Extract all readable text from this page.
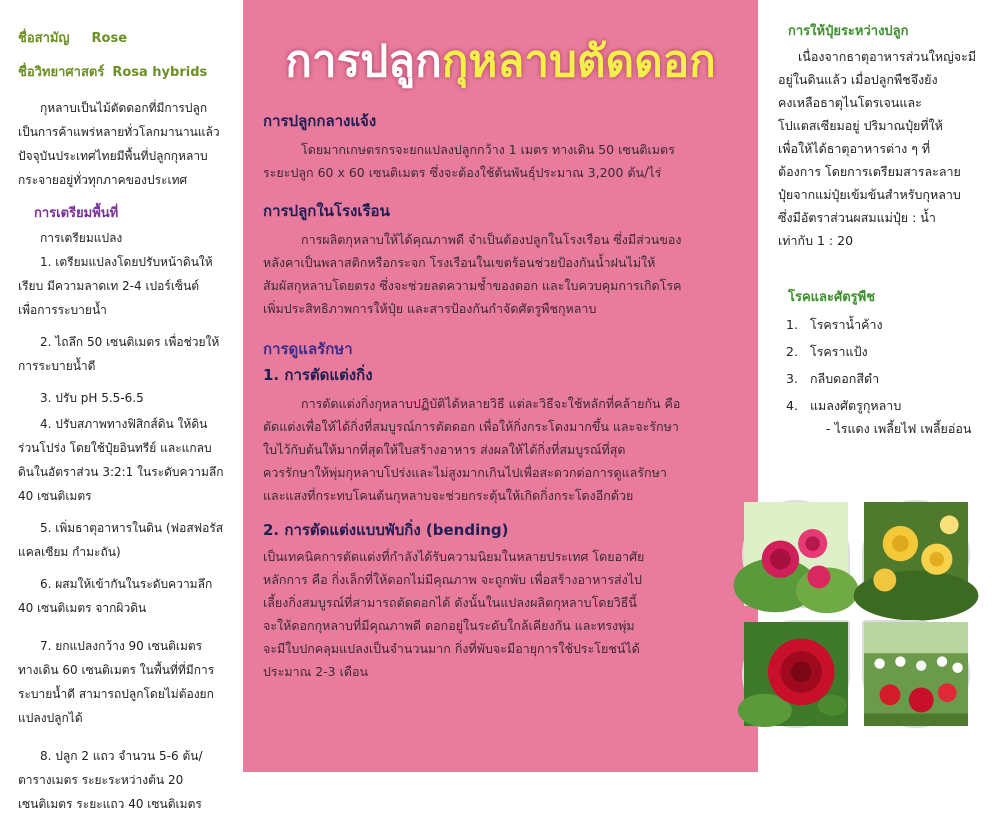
ชื่อสามัญ Rose
ชื่อวิทยาศาสตร์ Rosa hybrids
กุหลาบเป็นไม้ตัดดอกที่มีการปลูก
เป็นการค้าแพร่หลายทั่วโลกมานานแล้ว
ปัจจุบันประเทศไทยมีพื้นที่ปลูกกุหลาบ
กระจายอยู่ทั่วทุกภาคของประเทศ
การเตรียมพื้นที่
การเตรียมแปลง
1. เตรียมแปลงโดยปรับหน้าดินให้
เรียบ มีความลาดเท 2-4 เปอร์เซ็นต์
เพื่อการระบายน้ำ
2. ไถลึก 50 เซนติเมตร เพื่อช่วยให้
การระบายน้ำดี
3. ปรับ pH 5.5-6.5
4. ปรับสภาพทางฟิสิกส์ดิน ให้ดิน
ร่วนโปร่ง โดยใช้ปุ๋ยอินทรีย์ และแกลบ
ดินในอัตราส่วน 3:2:1 ในระดับความลึก
40 เซนติเมตร
5. เพิ่มธาตุอาหารในดิน (ฟอสฟอรัส
แคลเซียม กำมะถัน)
6. ผสมให้เข้ากันในระดับความลึก
40 เซนติเมตร จากผิวดิน
7. ยกแปลงกว้าง 90 เซนติเมตร
ทางเดิน 60 เซนติเมตร ในพื้นที่ที่มีการ
ระบายน้ำดี สามารถปลูกโดยไม่ต้องยก
แปลงปลูกได้
8. ปลูก 2 แถว จำนวน 5-6 ต้น/
ตารางเมตร ระยะระหว่างต้น 20
เซนติเมตร ระยะแถว 40 เซนติเมตร
การปลูกกุหลาบตัดดอก
การปลูกกลางแจ้ง
โดยมากเกษตรกรจะยกแปลงปลูกกว้าง 1 เมตร ทางเดิน 50 เซนติเมตร
ระยะปลูก 60 x 60 เซนติเมตร ซึ่งจะต้องใช้ต้นพันธุ์ประมาณ 3,200 ต้น/ไร่
การปลูกในโรงเรือน
การผลิตกุหลาบให้ได้คุณภาพดี จำเป็นต้องปลูกในโรงเรือน ซึ่งมีส่วนของ
หลังคาเป็นพลาสติกหรือกระจก โรงเรือนในเขตร้อนช่วยป้องกันน้ำฝนไม่ให้
สัมผัสกุหลาบโดยตรง ซึ่งจะช่วยลดความช้ำของดอก และใบควบคุมการเกิดโรค
เพิ่มประสิทธิภาพการให้ปุ๋ย และสารป้องกันกำจัดศัตรูพืชกุหลาบ
การดูแลรักษา
1. การตัดแต่งกิ่ง
การตัดแต่งกิ่งกุหลาบปฏิบัติได้หลายวิธี แต่ละวิธีจะใช้หลักที่คล้ายกัน คือ
ตัดแต่งเพื่อให้ได้กิ่งที่สมบูรณ์การตัดดอก เพื่อให้กิ่งกระโดงมากขึ้น และจะรักษา
ใบไว้กับต้นให้มากที่สุดให้ใบสร้างอาหาร ส่งผลให้ได้กิ่งที่สมบูรณ์ที่สุด
ควรรักษาให้พุ่มกุหลาบโปร่งและไม่สูงมากเกินไปเพื่อสะดวกต่อการดูแลรักษา
และแสงที่กระทบโคนต้นกุหลาบจะช่วยกระตุ้นให้เกิดกิ่งกระโดงอีกด้วย
2. การตัดแต่งแบบพับกิ่ง (bending)
เป็นเทคนิคการตัดแต่งที่กำลังได้รับความนิยมในหลายประเทศ โดยอาศัย
หลักการ คือ กิ่งเล็กที่ให้ดอกไม่มีคุณภาพ จะถูกพับ เพื่อสร้างอาหารส่งไป
เลี้ยงกิ่งสมบูรณ์ที่สามารถตัดดอกได้ ดังนั้นในแปลงผลิตกุหลาบโดยวิธีนี้
จะให้ดอกกุหลาบที่มีคุณภาพดี ดอกอยู่ในระดับใกล้เคียงกัน และทรงพุ่ม
จะมีใบปกคลุมแปลงเป็นจำนวนมาก กิ่งที่พับจะมีอายุการใช้ประโยชน์ได้
ประมาณ 2-3 เดือน
การให้ปุ๋ยระหว่างปลูก
เนื่องจากธาตุอาหารส่วนใหญ่จะมี
อยู่ในดินแล้ว เมื่อปลูกพืชจึงยัง
คงเหลือธาตุไนโตรเจนและ
โปแตสเซียมอยู่ ปริมาณปุ๋ยที่ให้
เพื่อให้ได้ธาตุอาหารต่าง ๆ ที่
ต้องการ โดยการเตรียมสารละลาย
ปุ๋ยจากแม่ปุ๋ยเข้มข้นสำหรับกุหลาบ
ซึ่งมีอัตราส่วนผสมแม่ปุ๋ย : น้ำ
เท่ากับ 1 : 20
โรคและศัตรูพืช
1. โรคราน้ำค้าง
2. โรคราแป้ง
3. กลีบดอกสีดำ
4. แมลงศัตรูกุหลาบ
- ไรแดง เพลี้ยไฟ เพลี้ยอ่อน
